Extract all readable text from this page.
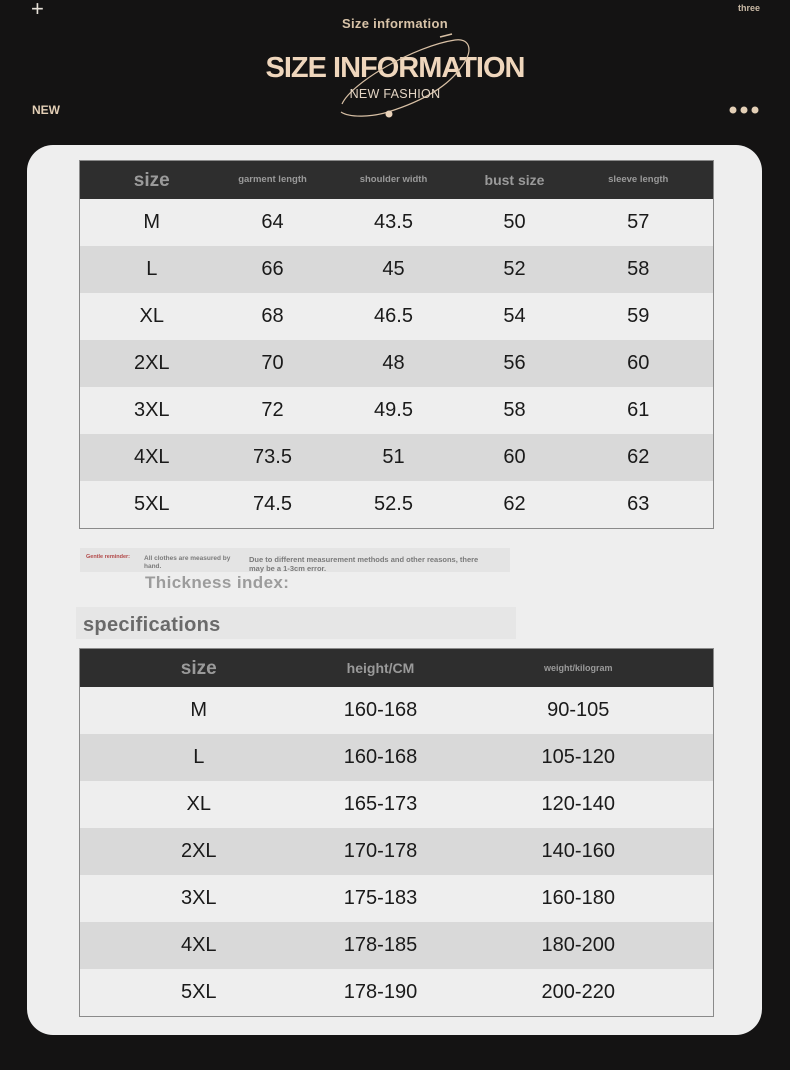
+	three
Size information
SIZE INFORMATION
NEW FASHION
NEW
size	garment length	shoulder width	bust size	sleeve length
M	64	43.5	50	57
L	66	45	52	58
XL	68	46.5	54	59
2XL	70	48	56	60
3XL	72	49.5	58	61
4XL	73.5	51	60	62
5XL	74.5	52.5	62	63
Gentle reminder: All clothes are measured by hand.
Due to different measurement methods and other reasons, there may be a 1-3cm error.
Thickness index:
specifications
size	height/CM	weight/kilogram
M	160-168	90-105
L	160-168	105-120
XL	165-173	120-140
2XL	170-178	140-160
3XL	175-183	160-180
4XL	178-185	180-200
5XL	178-190	200-220
